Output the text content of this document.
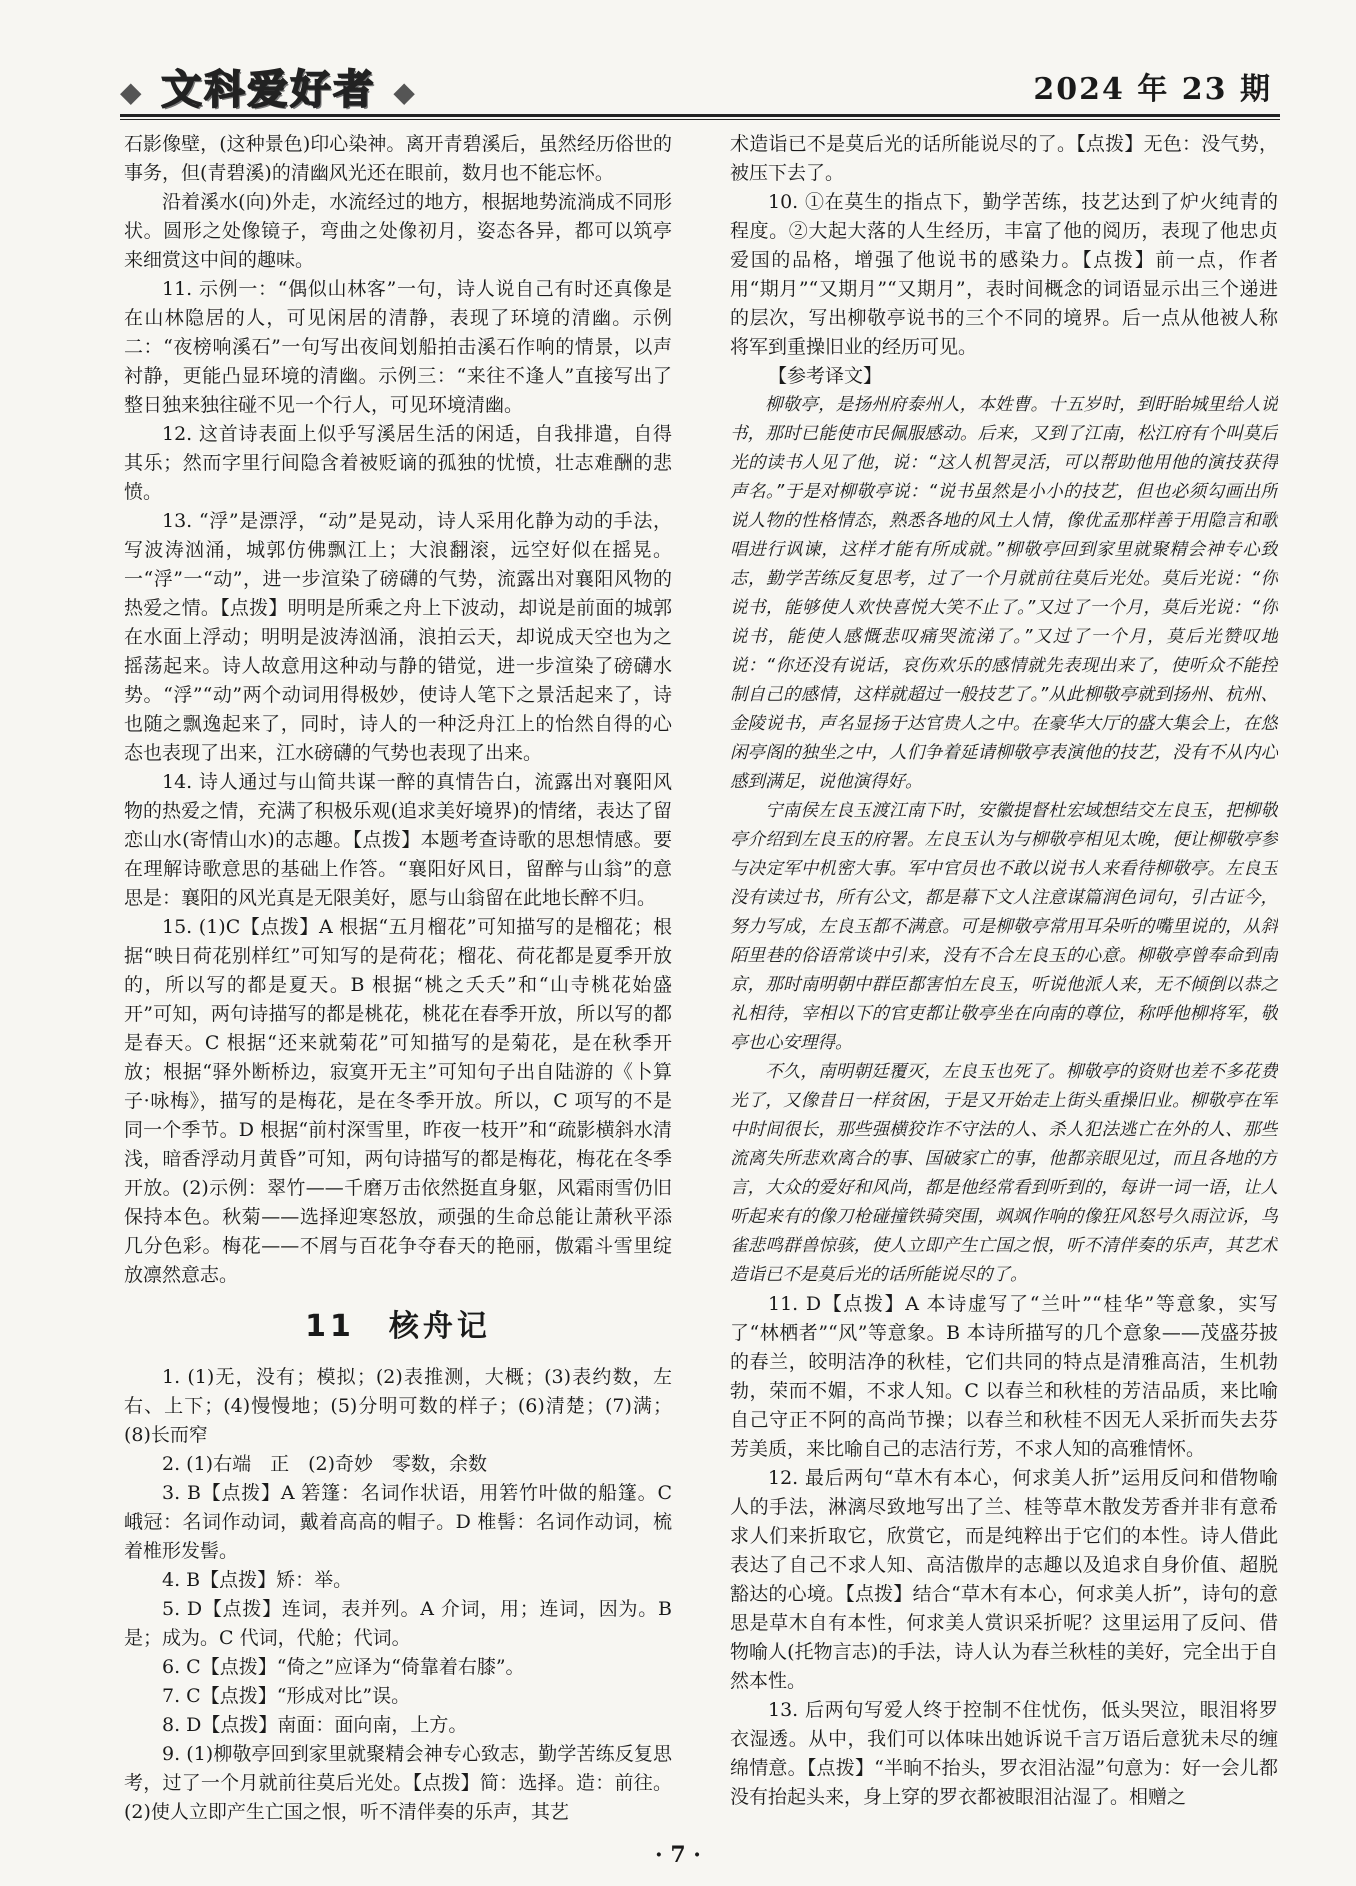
◆ 文科爱好者 ◆	2024 年 23 期

石影像壁，(这种景色)印心染神。离开青碧溪后，虽然经历俗世的事务，但(青碧溪)的清幽风光还在眼前，数月也不能忘怀。

沿着溪水(向)外走，水流经过的地方，根据地势流淌成不同形状。圆形之处像镜子，弯曲之处像初月，姿态各异，都可以筑亭来细赏这中间的趣味。

11. 示例一：“偶似山林客”一句，诗人说自己有时还真像是在山林隐居的人，可见闲居的清静，表现了环境的清幽。示例二：“夜榜响溪石”一句写出夜间划船拍击溪石作响的情景，以声衬静，更能凸显环境的清幽。示例三：“来往不逢人”直接写出了整日独来独往碰不见一个行人，可见环境清幽。

12. 这首诗表面上似乎写溪居生活的闲适，自我排遣，自得其乐；然而字里行间隐含着被贬谪的孤独的忧愤，壮志难酬的悲愤。

13. “浮”是漂浮，“动”是晃动，诗人采用化静为动的手法，写波涛汹涌，城郭仿佛飘江上；大浪翻滚，远空好似在摇晃。一“浮”一“动”，进一步渲染了磅礴的气势，流露出对襄阳风物的热爱之情。【点拨】明明是所乘之舟上下波动，却说是前面的城郭在水面上浮动；明明是波涛汹涌，浪拍云天，却说成天空也为之摇荡起来。诗人故意用这种动与静的错觉，进一步渲染了磅礴水势。“浮”“动”两个动词用得极妙，使诗人笔下之景活起来了，诗也随之飘逸起来了，同时，诗人的一种泛舟江上的怡然自得的心态也表现了出来，江水磅礴的气势也表现了出来。

14. 诗人通过与山简共谋一醉的真情告白，流露出对襄阳风物的热爱之情，充满了积极乐观(追求美好境界)的情绪，表达了留恋山水(寄情山水)的志趣。【点拨】本题考查诗歌的思想情感。要在理解诗歌意思的基础上作答。“襄阳好风日，留醉与山翁”的意思是：襄阳的风光真是无限美好，愿与山翁留在此地长醉不归。

15. (1)C【点拨】A 根据“五月榴花”可知描写的是榴花；根据“映日荷花别样红”可知写的是荷花；榴花、荷花都是夏季开放的，所以写的都是夏天。B 根据“桃之夭夭”和“山寺桃花始盛开”可知，两句诗描写的都是桃花，桃花在春季开放，所以写的都是春天。C 根据“还来就菊花”可知描写的是菊花，是在秋季开放；根据“驿外断桥边，寂寞开无主”可知句子出自陆游的《卜算子·咏梅》，描写的是梅花，是在冬季开放。所以，C 项写的不是同一个季节。D 根据“前村深雪里，昨夜一枝开”和“疏影横斜水清浅，暗香浮动月黄昏”可知，两句诗描写的都是梅花，梅花在冬季开放。(2)示例：翠竹——千磨万击依然挺直身躯，风霜雨雪仍旧保持本色。秋菊——选择迎寒怒放，顽强的生命总能让萧秋平添几分色彩。梅花——不屑与百花争夺春天的艳丽，傲霜斗雪里绽放凛然意志。

11　核舟记

1. (1)无，没有；模拟；(2)表推测，大概；(3)表约数，左右、上下；(4)慢慢地；(5)分明可数的样子；(6)清楚；(7)满；(8)长而窄

2. (1)右端　正　(2)奇妙　零数，余数

3. B【点拨】A 箬篷：名词作状语，用箬竹叶做的船篷。C 峨冠：名词作动词，戴着高高的帽子。D 椎髻：名词作动词，梳着椎形发髻。

4. B【点拨】矫：举。

5. D【点拨】连词，表并列。A 介词，用；连词，因为。B 是；成为。C 代词，代舱；代词。

6. C【点拨】“倚之”应译为“倚靠着右膝”。

7. C【点拨】“形成对比”误。

8. D【点拨】南面：面向南，上方。

9. (1)柳敬亭回到家里就聚精会神专心致志，勤学苦练反复思考，过了一个月就前往莫后光处。【点拨】简：选择。造：前往。(2)使人立即产生亡国之恨，听不清伴奏的乐声，其艺

术造诣已不是莫后光的话所能说尽的了。【点拨】无色：没气势，被压下去了。

10. ①在莫生的指点下，勤学苦练，技艺达到了炉火纯青的程度。②大起大落的人生经历，丰富了他的阅历，表现了他忠贞爱国的品格，增强了他说书的感染力。【点拨】前一点，作者用“期月”“又期月”“又期月”，表时间概念的词语显示出三个递进的层次，写出柳敬亭说书的三个不同的境界。后一点从他被人称将军到重操旧业的经历可见。

【参考译文】

柳敬亭，是扬州府泰州人，本姓曹。十五岁时，到盱眙城里给人说书，那时已能使市民佩服感动。后来，又到了江南，松江府有个叫莫后光的读书人见了他，说：“这人机智灵活，可以帮助他用他的演技获得声名。”于是对柳敬亭说：“说书虽然是小小的技艺，但也必须勾画出所说人物的性格情态，熟悉各地的风土人情，像优孟那样善于用隐言和歌唱进行讽谏，这样才能有所成就。”柳敬亭回到家里就聚精会神专心致志，勤学苦练反复思考，过了一个月就前往莫后光处。莫后光说：“你说书，能够使人欢快喜悦大笑不止了。”又过了一个月，莫后光说：“你说书，能使人感慨悲叹痛哭流涕了。”又过了一个月，莫后光赞叹地说：“你还没有说话，哀伤欢乐的感情就先表现出来了，使听众不能控制自己的感情，这样就超过一般技艺了。”从此柳敬亭就到扬州、杭州、金陵说书，声名显扬于达官贵人之中。在豪华大厅的盛大集会上，在悠闲亭阁的独坐之中，人们争着延请柳敬亭表演他的技艺，没有不从内心感到满足，说他演得好。

宁南侯左良玉渡江南下时，安徽提督杜宏域想结交左良玉，把柳敬亭介绍到左良玉的府署。左良玉认为与柳敬亭相见太晚，便让柳敬亭参与决定军中机密大事。军中官员也不敢以说书人来看待柳敬亭。左良玉没有读过书，所有公文，都是幕下文人注意谋篇润色词句，引古证今，努力写成，左良玉都不满意。可是柳敬亭常用耳朵听的嘴里说的，从斜陌里巷的俗语常谈中引来，没有不合左良玉的心意。柳敬亭曾奉命到南京，那时南明朝中群臣都害怕左良玉，听说他派人来，无不倾倒以恭之礼相待，宰相以下的官吏都让敬亭坐在向南的尊位，称呼他柳将军，敬亭也心安理得。

不久，南明朝廷覆灭，左良玉也死了。柳敬亭的资财也差不多花费光了，又像昔日一样贫困，于是又开始走上街头重操旧业。柳敬亭在军中时间很长，那些强横狡诈不守法的人、杀人犯法逃亡在外的人、那些流离失所悲欢离合的事、国破家亡的事，他都亲眼见过，而且各地的方言，大众的爱好和风尚，都是他经常看到听到的，每讲一词一语，让人听起来有的像刀枪碰撞铁骑突围，飒飒作响的像狂风怒号久雨泣诉，鸟雀悲鸣群兽惊骇，使人立即产生亡国之恨，听不清伴奏的乐声，其艺术造诣已不是莫后光的话所能说尽的了。

11. D【点拨】A 本诗虚写了“兰叶”“桂华”等意象，实写了“林栖者”“风”等意象。B 本诗所描写的几个意象——茂盛芬披的春兰，皎明洁净的秋桂，它们共同的特点是清雅高洁，生机勃勃，荣而不媚，不求人知。C 以春兰和秋桂的芳洁品质，来比喻自己守正不阿的高尚节操；以春兰和秋桂不因无人采折而失去芬芳美质，来比喻自己的志洁行芳，不求人知的高雅情怀。

12. 最后两句“草木有本心，何求美人折”运用反问和借物喻人的手法，淋漓尽致地写出了兰、桂等草木散发芳香并非有意希求人们来折取它，欣赏它，而是纯粹出于它们的本性。诗人借此表达了自己不求人知、高洁傲岸的志趣以及追求自身价值、超脱豁达的心境。【点拨】结合“草木有本心，何求美人折”，诗句的意思是草木自有本性，何求美人赏识采折呢？这里运用了反问、借物喻人(托物言志)的手法，诗人认为春兰秋桂的美好，完全出于自然本性。

13. 后两句写爱人终于控制不住忧伤，低头哭泣，眼泪将罗衣湿透。从中，我们可以体味出她诉说千言万语后意犹未尽的缠绵情意。【点拨】“半晌不抬头，罗衣泪沾湿”句意为：好一会儿都没有抬起头来，身上穿的罗衣都被眼泪沾湿了。相赠之

· 7 ·
